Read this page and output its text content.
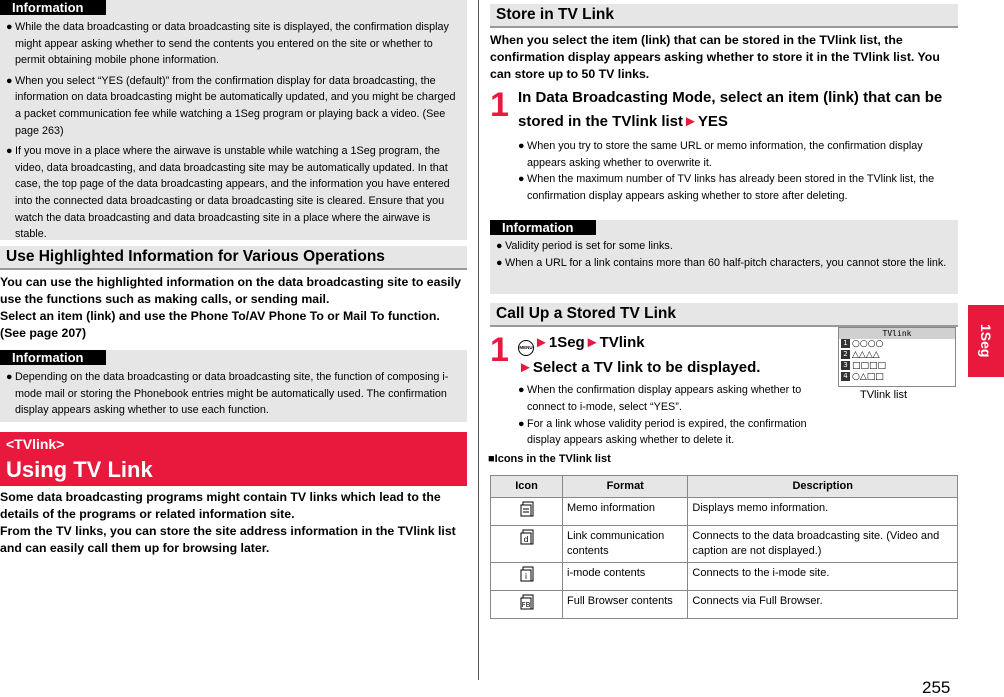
Information
● While the data broadcasting or data broadcasting site is displayed, the confirmation display might appear asking whether to send the contents you entered on the site or whether to permit obtaining mobile phone information.
● When you select “YES (default)” from the confirmation display for data broadcasting, the information on data broadcasting might be automatically updated, and you might be charged a packet communication fee while watching a 1Seg program or playing back a video. (See page 263)
● If you move in a place where the airwave is unstable while watching a 1Seg program, the video, data broadcasting, and data broadcasting site may be automatically updated. In that case, the top page of the data broadcasting appears, and the information you have entered into the connected data broadcasting or data broadcasting site is cleared. Ensure that you watch the data broadcasting and data broadcasting site in a place where the airwave is stable.
Use Highlighted Information for Various Operations
You can use the highlighted information on the data broadcasting site to easily use the functions such as making calls, or sending mail.
Select an item (link) and use the Phone To/AV Phone To or Mail To function. (See page 207)
Information
● Depending on the data broadcasting or data broadcasting site, the function of composing i-mode mail or storing the Phonebook entries might be automatically used. The confirmation display appears asking whether to use each function.
<TVlink>
Using TV Link
Some data broadcasting programs might contain TV links which lead to the details of the programs or related information site.
From the TV links, you can store the site address information in the TVlink list and can easily call them up for browsing later.
Store in TV Link
When you select the item (link) that can be stored in the TVlink list, the confirmation display appears asking whether to store it in the TVlink list. You can store up to 50 TV links.
1 In Data Broadcasting Mode, select an item (link) that can be stored in the TVlink list►YES
● When you try to store the same URL or memo information, the confirmation display appears asking whether to overwrite it.
● When the maximum number of TV links has already been stored in the TVlink list, the confirmation display appears asking whether to store after deleting.
Information
● Validity period is set for some links.
● When a URL for a link contains more than 60 half-pitch characters, you cannot store the link.
Call Up a Stored TV Link
1	MENU►1Seg►TVlink
►Select a TV link to be displayed.
● When the confirmation display appears asking whether to connect to i-mode, select “YES”.
● For a link whose validity period is expired, the confirmation display appears asking whether to delete it.
■Icons in the TVlink list
Icon	Format	Description
	Memo information	Displays memo information.

d	Link communication contents	Connects to the data broadcasting site. (Video and caption are not displayed.)

i	i-mode contents	Connects to the i-mode site.

FB	Full Browser contents	Connects via Full Browser.
TVlink
1 ○○○○
2 △△△△
3 □□□□
4 ○△□□
TVlink list
1Seg
255
